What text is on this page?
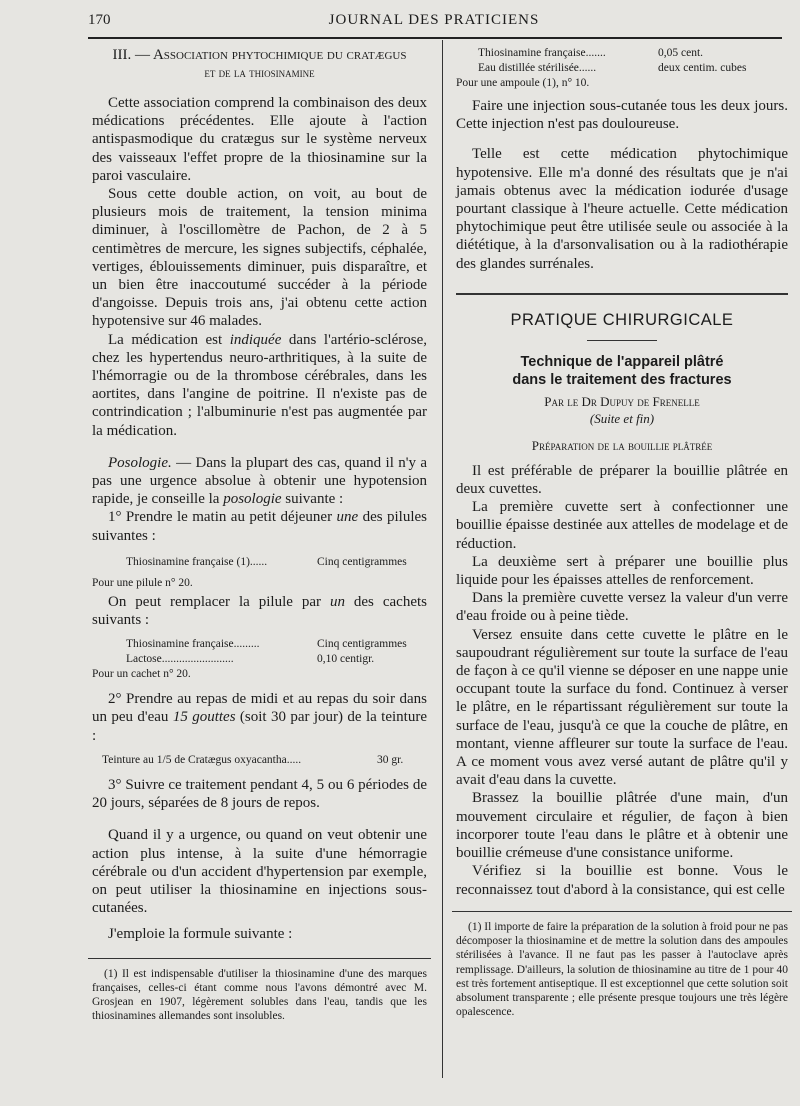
170	JOURNAL DES PRATICIENS
III. — Association phytochimique du cratægus
et de la thiosinamine

Cette association comprend la combinaison des deux médications précédentes. Elle ajoute à l'action antispasmodique du cratægus sur le système nerveux des vaisseaux l'effet propre de la thiosinamine sur la paroi vasculaire.

Sous cette double action, on voit, au bout de plusieurs mois de traitement, la tension minima diminuer, à l'oscillomètre de Pachon, de 2 à 5 centimètres de mercure, les signes subjectifs, céphalée, vertiges, éblouissements diminuer, puis disparaître, et un bien être inaccoutumé succéder à la période d'angoisse. Depuis trois ans, j'ai obtenu cette action hypotensive sur 46 malades.

La médication est indiquée dans l'artério-sclérose, chez les hypertendus neuro-arthritiques, à la suite de l'hémorragie ou de la thrombose cérébrales, dans les aortites, dans l'angine de poitrine. Il n'existe pas de contrindication ; l'albuminurie n'est pas augmentée par la médication.

Posologie. — Dans la plupart des cas, quand il n'y a pas une urgence absolue à obtenir une hypotension rapide, je conseille la posologie suivante :

1° Prendre le matin au petit déjeuner une des pilules suivantes :

Thiosinamine française (1)......	Cinq centigrammes
Pour une pilule n° 20.

On peut remplacer la pilule par un des cachets suivants :

Thiosinamine française.........	Cinq centigrammes
Lactose.........................	0,10 centigr.
Pour un cachet n° 20.

2° Prendre au repas de midi et au repas du soir dans un peu d'eau 15 gouttes (soit 30 par jour) de la teinture :

Teinture au 1/5 de Cratægus oxyacantha.....	30 gr.

3° Suivre ce traitement pendant 4, 5 ou 6 périodes de 20 jours, séparées de 8 jours de repos.

Quand il y a urgence, ou quand on veut obtenir une action plus intense, à la suite d'une hémorragie cérébrale ou d'un accident d'hypertension par exemple, on peut utiliser la thiosinamine en injections sous-cutanées.

J'emploie la formule suivante :

(1) Il est indispensable d'utiliser la thiosinamine d'une des marques françaises, celles-ci étant comme nous l'avons démontré avec M. Grosjean en 1907, légèrement solubles dans l'eau, tandis que les thiosinamines allemandes sont insolubles.

Thiosinamine française.......	0,05 cent.
Eau distillée stérilisée......	deux centim. cubes
Pour une ampoule (1), n° 10.

Faire une injection sous-cutanée tous les deux jours. Cette injection n'est pas douloureuse.

Telle est cette médication phytochimique hypotensive. Elle m'a donné des résultats que je n'ai jamais obtenus avec la médication iodurée d'usage pourtant classique à l'heure actuelle. Cette médication phytochimique peut être utilisée seule ou associée à la diététique, à la d'arsonvalisation ou à la radiothérapie des glandes surrénales.

PRATIQUE CHIRURGICALE
Technique de l'appareil plâtré
dans le traitement des fractures
Par le Dr Dupuy de Frenelle
(Suite et fin)
Préparation de la bouillie plâtrée

Il est préférable de préparer la bouillie plâtrée en deux cuvettes.

La première cuvette sert à confectionner une bouillie épaisse destinée aux attelles de modelage et de réduction.

La deuxième sert à préparer une bouillie plus liquide pour les épaisses attelles de renforcement.

Dans la première cuvette versez la valeur d'un verre d'eau froide ou à peine tiède.

Versez ensuite dans cette cuvette le plâtre en le saupoudrant régulièrement sur toute la surface de l'eau de façon à ce qu'il vienne se déposer en une nappe unie occupant toute la surface du fond. Continuez à verser le plâtre, en le répartissant régulièrement sur toute la surface de l'eau, jusqu'à ce que la couche de plâtre, en montant, vienne affleurer sur toute la surface de l'eau. A ce moment vous avez versé autant de plâtre qu'il y avait d'eau dans la cuvette.

Brassez la bouillie plâtrée d'une main, d'un mouvement circulaire et régulier, de façon à bien incorporer toute l'eau dans le plâtre et à obtenir une bouillie crémeuse d'une consistance uniforme.

Vérifiez si la bouillie est bonne. Vous le reconnaissez tout d'abord à la consistance, qui est celle

(1) Il importe de faire la préparation de la solution à froid pour ne pas décomposer la thiosinamine et de mettre la solution dans des ampoules stérilisées à l'avance. Il ne faut pas les passer à l'autoclave après remplissage. D'ailleurs, la solution de thiosinamine au titre de 1 pour 40 est très fortement antiseptique. Il est exceptionnel que cette solution soit absolument transparente ; elle présente presque toujours une très légère opalescence.
